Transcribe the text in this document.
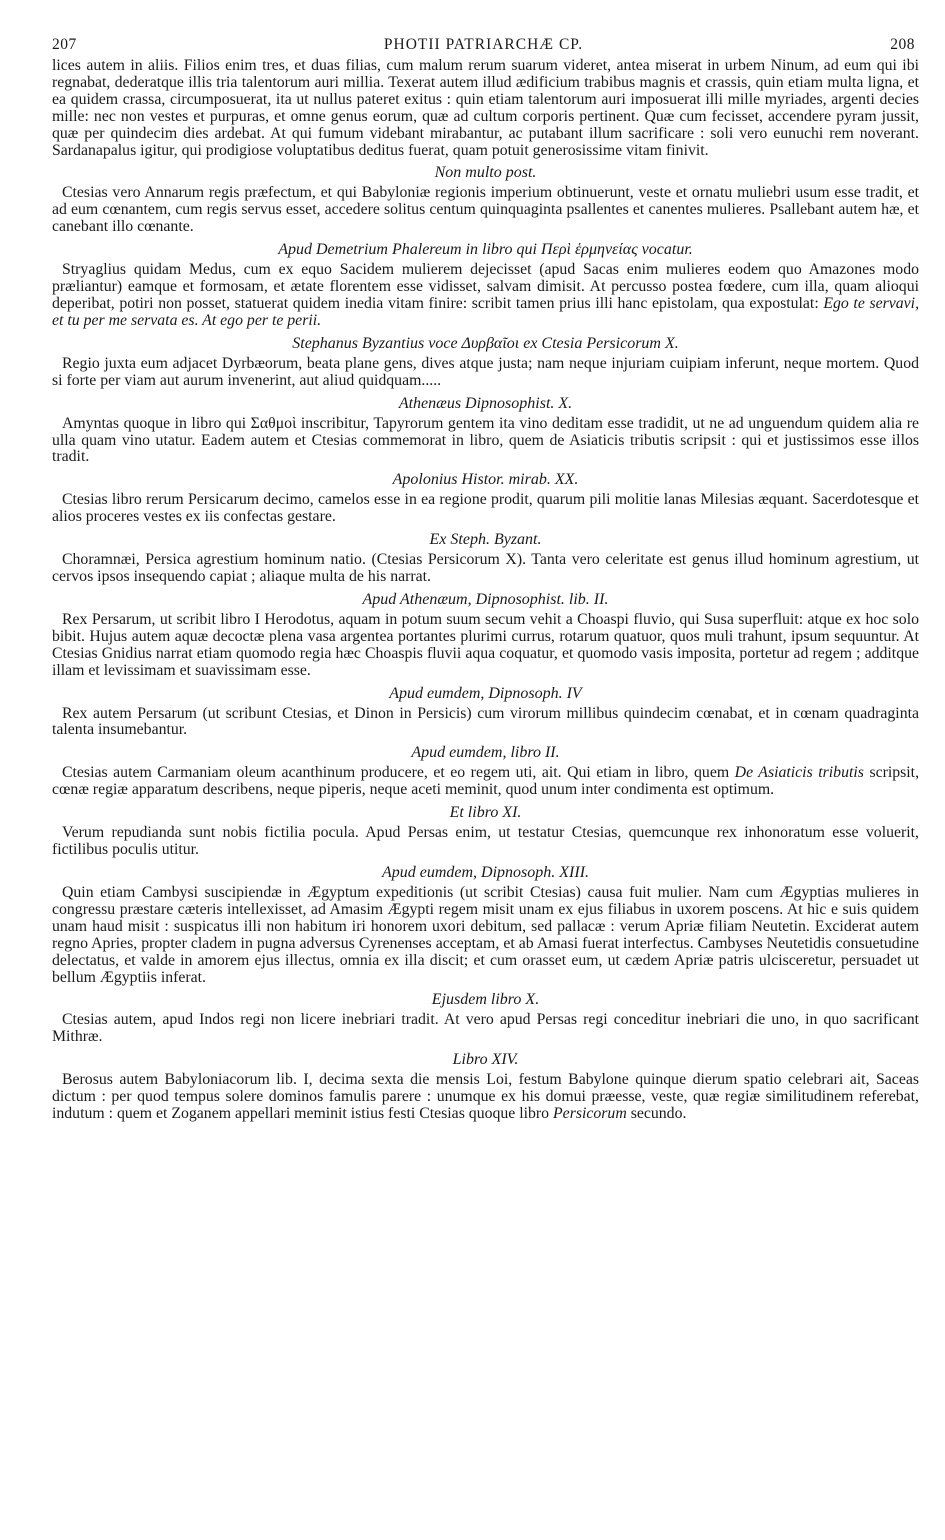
207	PHOTII PATRIARCHÆ CP.	208

lices autem in aliis. Filios enim tres, et duas filias, cum malum rerum suarum videret, antea miserat in urbem Ninum, ad eum qui ibi regnabat, dederatque illis tria talentorum auri millia. Texerat autem illud ædificium trabibus magnis et crassis, quin etiam multa ligna, et ea quidem crassa, circumposuerat, ita ut nullus pateret exitus : quin etiam talentorum auri imposuerat illi mille myriades, argenti decies mille: nec non vestes et purpuras, et omne genus eorum, quæ ad cultum corporis pertinent. Quæ cum fecisset, accendere pyram jussit, quæ per quindecim dies ardebat. At qui fumum videbant mirabantur, ac putabant illum sacrificare : soli vero eunuchi rem noverant. Sardanapalus igitur, qui prodigiose voluptatibus deditus fuerat, quam potuit generosissime vitam finivit.

Non multo post.

Ctesias vero Annarum regis præfectum, et qui Babyloniæ regionis imperium obtinuerunt, veste et ornatu muliebri usum esse tradit, et ad eum cœnantem, cum regis servus esset, accedere solitus centum quinquaginta psallentes et canentes mulieres. Psallebant autem hæ, et canebant illo cœnante.

Apud Demetrium Phalereum in libro qui Περὶ ἑρμηνείας vocatur.

Stryaglius quidam Medus, cum ex equo Sacidem mulierem dejecisset (apud Sacas enim mulieres eodem quo Amazones modo præliantur) eamque et formosam, et ætate florentem esse vidisset, salvam dimisit. At percusso postea fœdere, cum illa, quam alioqui deperibat, potiri non posset, statuerat quidem inedia vitam finire: scribit tamen prius illi hanc epistolam, qua expostulat: Ego te servavi, et tu per me servata es. At ego per te perii.

Stephanus Byzantius voce Δυρβαῖοι ex Ctesia Persicorum X.

Regio juxta eum adjacet Dyrbæorum, beata plane gens, dives atque justa; nam neque injuriam cuipiam inferunt, neque mortem. Quod si forte per viam aut aurum invenerint, aut aliud quidquam.....

Athenæus Dipnosophist. X.

Amyntas quoque in libro qui Σαθμοὶ inscribitur, Tapyrorum gentem ita vino deditam esse tradidit, ut ne ad unguendum quidem alia re ulla quam vino utatur. Eadem autem et Ctesias commemorat in libro, quem de Asiaticis tributis scripsit : qui et justissimos esse illos tradit.

Apolonius Histor. mirab. XX.

Ctesias libro rerum Persicarum decimo, camelos esse in ea regione prodit, quarum pili molitie lanas Milesias æquant. Sacerdotesque et alios proceres vestes ex iis confectas gestare.

Ex Steph. Byzant.

Choramnæi, Persica agrestium hominum natio. (Ctesias Persicorum X). Tanta vero celeritate est genus illud hominum agrestium, ut cervos ipsos insequendo capiat ; aliaque multa de his narrat.

Apud Athenæum, Dipnosophist. lib. II.

Rex Persarum, ut scribit libro I Herodotus, aquam in potum suum secum vehit a Choaspi fluvio, qui Susa superfluit: atque ex hoc solo bibit. Hujus autem aquæ decoctæ plena vasa argentea portantes plurimi currus, rotarum quatuor, quos muli trahunt, ipsum sequuntur. At Ctesias Gnidius narrat etiam quomodo regia hæc Choaspis fluvii aqua coquatur, et quomodo vasis imposita, portetur ad regem ; additque illam et levissimam et suavissimam esse.

Apud eumdem, Dipnosoph. IV

Rex autem Persarum (ut scribunt Ctesias, et Dinon in Persicis) cum virorum millibus quindecim cœnabat, et in cœnam quadraginta talenta insumebantur.

Apud eumdem, libro II.

Ctesias autem Carmaniam oleum acanthinum producere, et eo regem uti, ait. Qui etiam in libro, quem De Asiaticis tributis scripsit, cœnæ regiæ apparatum describens, neque piperis, neque aceti meminit, quod unum inter condimenta est optimum.

Et libro XI.

Verum repudianda sunt nobis fictilia pocula. Apud Persas enim, ut testatur Ctesias, quemcunque rex inhonoratum esse voluerit, fictilibus poculis utitur.

Apud eumdem, Dipnosoph. XIII.

Quin etiam Cambysi suscipiendæ in Ægyptum expeditionis (ut scribit Ctesias) causa fuit mulier. Nam cum Ægyptias mulieres in congressu præstare cæteris intellexisset, ad Amasim Ægypti regem misit unam ex ejus filiabus in uxorem poscens. At hic e suis quidem unam haud misit : suspicatus illi non habitum iri honorem uxori debitum, sed pallacæ : verum Apriæ filiam Neutetin. Exciderat autem regno Apries, propter cladem in pugna adversus Cyrenenses acceptam, et ab Amasi fuerat interfectus. Cambyses Neutetidis consuetudine delectatus, et valde in amorem ejus illectus, omnia ex illa discit; et cum orasset eum, ut cædem Apriæ patris ulcisceretur, persuadet ut bellum Ægyptiis inferat.

Ejusdem libro X.

Ctesias autem, apud Indos regi non licere inebriari tradit. At vero apud Persas regi conceditur inebriari die uno, in quo sacrificant Mithræ.

Libro XIV.

Berosus autem Babyloniacorum lib. I, decima sexta die mensis Loi, festum Babylone quinque dierum spatio celebrari ait, Saceas dictum : per quod tempus solere dominos famulis parere : unumque ex his domui præesse, veste, quæ regiæ similitudinem referebat, indutum : quem et Zoganem appellari meminit istius festi Ctesias quoque libro Persicorum secundo.
